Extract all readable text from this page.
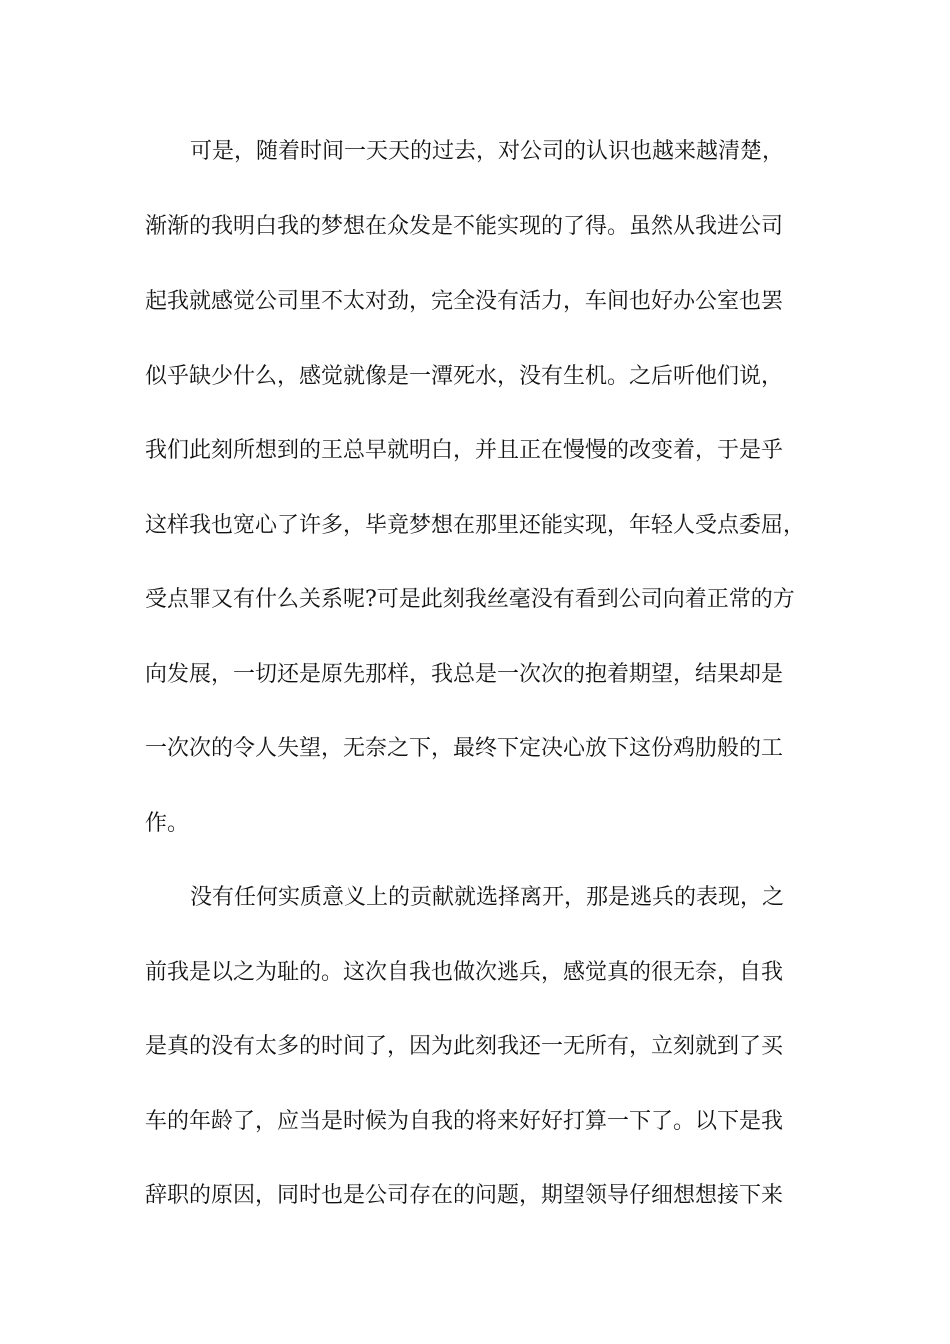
可是，随着时间一天天的过去，对公司的认识也越来越清楚，
渐渐的我明白我的梦想在众发是不能实现的了得。虽然从我进公司
起我就感觉公司里不太对劲，完全没有活力，车间也好办公室也罢
似乎缺少什么，感觉就像是一潭死水，没有生机。之后听他们说，
我们此刻所想到的王总早就明白，并且正在慢慢的改变着，于是乎
这样我也宽心了许多，毕竟梦想在那里还能实现，年轻人受点委屈，
受点罪又有什么关系呢?可是此刻我丝毫没有看到公司向着正常的方
向发展，一切还是原先那样，我总是一次次的抱着期望，结果却是
一次次的令人失望，无奈之下，最终下定决心放下这份鸡肋般的工
作。
没有任何实质意义上的贡献就选择离开，那是逃兵的表现，之
前我是以之为耻的。这次自我也做次逃兵，感觉真的很无奈，自我
是真的没有太多的时间了，因为此刻我还一无所有，立刻就到了买
车的年龄了，应当是时候为自我的将来好好打算一下了。以下是我
辞职的原因，同时也是公司存在的问题，期望领导仔细想想接下来
